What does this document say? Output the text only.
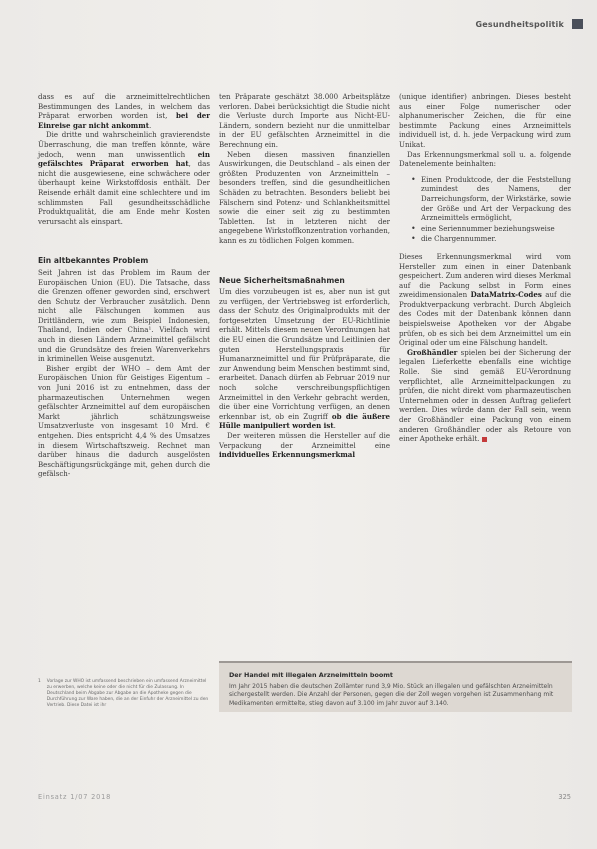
Gesundheitspolitik

dass es auf die arzneimittelrechtlichen Bestimmungen des Landes, in welchem das Präparat erworben worden ist, bei der Einreise gar nicht ankommt.

Die dritte und wahrscheinlich gravierendste Überraschung, die man treffen könnte, wäre jedoch, wenn man unwissentlich ein gefälschtes Präparat erworben hat, das nicht die ausgewiesene, eine schwächere oder überhaupt keine Wirkstoffdosis enthält. Der Reisende erhält damit eine schlechtere und im schlimmsten Fall gesundheitsschädliche Produktqualität, die am Ende mehr Kosten verursacht als einspart.

Ein altbekanntes Problem

Seit Jahren ist das Problem im Raum der Europäischen Union (EU). Die Tatsache, dass die Grenzen offener geworden sind, erschwert den Schutz der Verbraucher zusätzlich. Denn nicht alle Fälschungen kommen aus Drittländern, wie zum Beispiel Indonesien, Thailand, Indien oder China¹. Vielfach wird auch in diesen Ländern Arzneimittel gefälscht und die Grundsätze des freien Warenverkehrs in kriminellen Weise ausgenutzt.

Bisher ergibt der WHO – dem Amt der Europäischen Union für Geistiges Eigentum – von Juni 2016 ist zu entnehmen, dass der pharmazeutischen Unternehmen wegen gefälschter Arzneimittel auf dem europäischen Markt jährlich schätzungsweise Umsatzverluste von insgesamt 10 Mrd. € entgehen. Dies entspricht 4,4 % des Umsatzes in diesem Wirtschaftszweig. Rechnet man darüber hinaus die dadurch ausgelösten Beschäftigungsrückgänge mit, gehen durch die gefälsch-

ten Präparate geschätzt 38.000 Arbeitsplätze verloren. Dabei berücksichtigt die Studie nicht die Verluste durch Importe aus Nicht-EU-Ländern, sondern bezieht nur die unmittelbar in der EU gefälschten Arzneimittel in die Berechnung ein.

Neben diesen massiven finanziellen Auswirkungen, die Deutschland – als einen der größten Produzenten von Arzneimitteln – besonders treffen, sind die gesundheitlichen Schäden zu betrachten. Besonders beliebt bei Fälschern sind Potenz- und Schlankheitsmittel sowie die einer seit zig zu bestimmten Tabletten. Ist in letzteren nicht der angegebene Wirkstoffkonzentration vorhanden, kann es zu tödlichen Folgen kommen.

Neue Sicherheitsmaßnahmen

Um dies vorzubeugen ist es, aber nun ist gut zu verfügen, der Vertriebsweg ist erforderlich, dass der Schutz des Originalprodukts mit der fortgesetzten Umsetzung der EU-Richtlinie erhält. Mittels diesem neuen Verordnungen hat die EU einen die Grundsätze und Leitlinien der guten Herstellungspraxis für Humanarzneimittel und für Prüfpräparate, die zur Anwendung beim Menschen bestimmt sind, erarbeitet. Danach dürfen ab Februar 2019 nur noch solche verschreibungspflichtigen Arzneimittel in den Verkehr gebracht werden, die über eine Vorrichtung verfügen, an denen erkennbar ist, ob ein Zugriff ob die äußere Hülle manipuliert worden ist.

Der weiteren müssen die Hersteller auf die Verpackung der Arzneimittel eine individuelles Erkennungsmerkmal

(unique identifier) anbringen. Dieses besteht aus einer Folge numerischer oder alphanumerischer Zeichen, die für eine bestimmte Packung eines Arzneimittels individuell ist, d. h. jede Verpackung wird zum Unikat.

Das Erkennungsmerkmal soll u. a. folgende Datenelemente beinhalten:

• Einen Produktcode, der die Feststellung zumindest des Namens, der Darreichungsform, der Wirkstärke, sowie der Größe und Art der Verpackung des Arzneimittels ermöglicht,
• eine Seriennummer beziehungsweise
• die Chargennummer.

Dieses Erkennungsmerkmal wird vom Hersteller zum einen in einer Datenbank gespeichert. Zum anderen wird dieses Merkmal auf die Packung selbst in Form eines zweidimensionalen DataMatrix-Codes auf die Produktverpackung verbracht. Durch Abgleich des Codes mit der Datenbank können dann beispielsweise Apotheken vor der Abgabe prüfen, ob es sich bei dem Arzneimittel um ein Original oder um eine Fälschung handelt.

Großhändler spielen bei der Sicherung der legalen Lieferkette ebenfalls eine wichtige Rolle. Sie sind gemäß EU-Verordnung verpflichtet, alle Arzneimittelpackungen zu prüfen, die nicht direkt vom pharmazeutischen Unternehmen oder in dessen Auftrag geliefert werden. Dies würde dann der Fall sein, wenn der Großhändler eine Packung von einem anderen Großhändler oder als Retoure von einer Apotheke erhält.

1 Vorlage zur WHO ist umfassend beschrieben ein umfassend Arzneimittel zu erwerben, welche keine oder die nicht für die Zulassung. In Deutschland beim Abgabe zur Abgabe an die Apotheke gegen die Durchführung zur Ware haben, die an der Einfuhr der Arzneimittel zu den Vertrieb. Diese Datei ist ihr
Der Handel mit illegalen Arzneimitteln boomt
Im Jahr 2015 haben die deutschen Zollämter rund 3,9 Mio. Stück an illegalen und gefälschten Arzneimitteln sichergestellt werden. Die Anzahl der Personen, gegen die der Zoll wegen vorgehen ist Zusammenhang mit Medikamenten ermittelte, stieg davon auf 3.100 im Jahr zuvor auf 3.140.
Einsatz 1/07 2018	325
